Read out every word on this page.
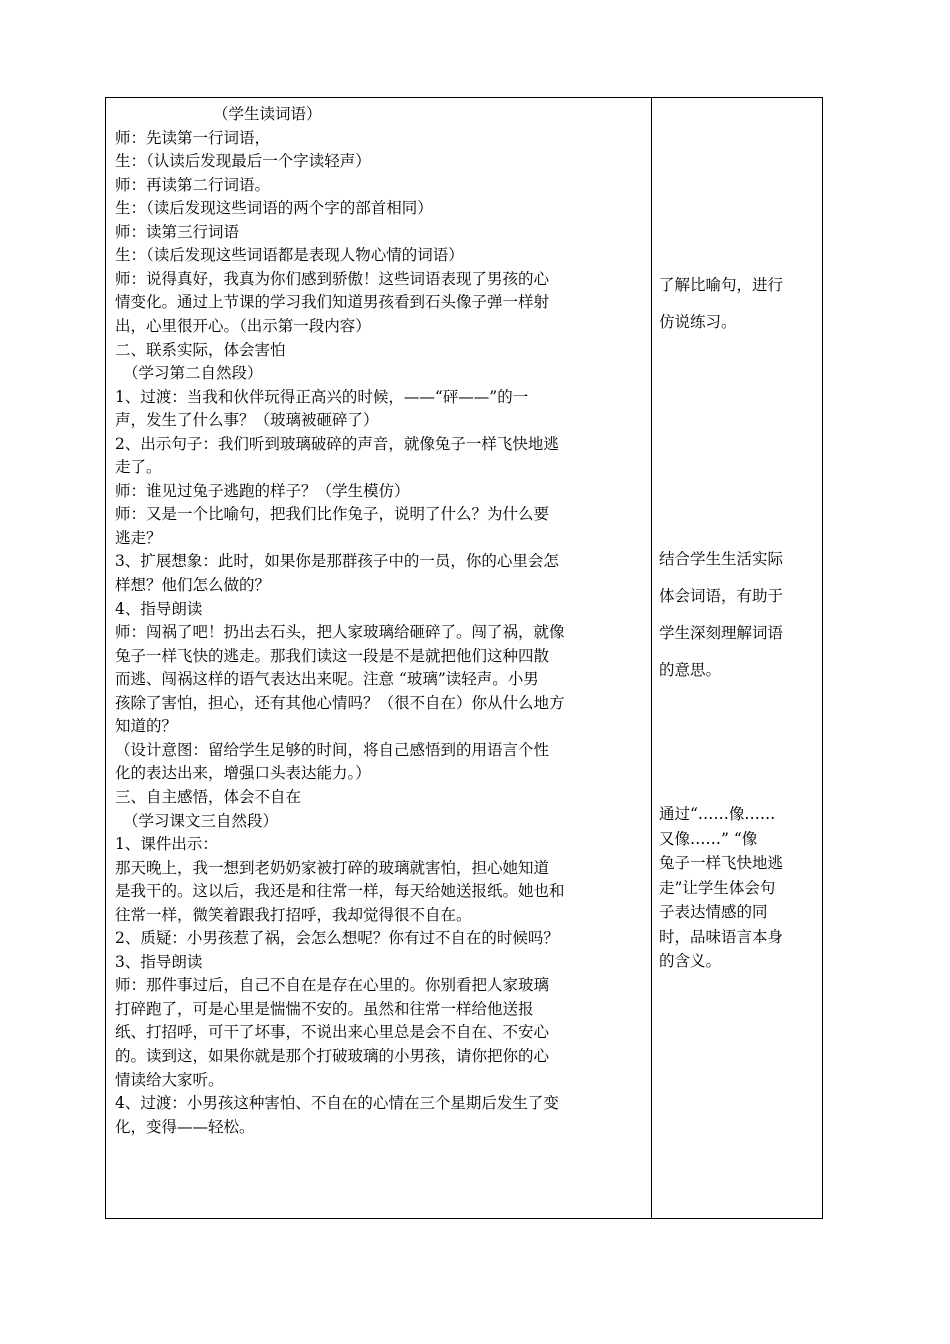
（学生读词语）
师：先读第一行词语，
生：（认读后发现最后一个字读轻声）
师：再读第二行词语。
生：（读后发现这些词语的两个字的部首相同）
师：读第三行词语
生：（读后发现这些词语都是表现人物心情的词语）
师：说得真好，我真为你们感到骄傲！这些词语表现了男孩的心
情变化。通过上节课的学习我们知道男孩看到石头像子弹一样射
出，心里很开心。（出示第一段内容）
二、联系实际，体会害怕
（学习第二自然段）
1、过渡：当我和伙伴玩得正高兴的时候，——“砰——”的一
声，发生了什么事？（玻璃被砸碎了）
2、出示句子：我们听到玻璃破碎的声音，就像兔子一样飞快地逃
走了。
师：谁见过兔子逃跑的样子？（学生模仿）
师：又是一个比喻句，把我们比作兔子，说明了什么？为什么要
逃走？
3、扩展想象：此时，如果你是那群孩子中的一员，你的心里会怎
样想？他们怎么做的？
4、指导朗读
师：闯祸了吧！扔出去石头，把人家玻璃给砸碎了。闯了祸，就像
兔子一样飞快的逃走。那我们读这一段是不是就把他们这种四散
而逃、闯祸这样的语气表达出来呢。注意 “玻璃”读轻声。小男
孩除了害怕，担心，还有其他心情吗？（很不自在）你从什么地方
知道的？
（设计意图：留给学生足够的时间，将自己感悟到的用语言个性
化的表达出来，增强口头表达能力。）
三、自主感悟，体会不自在
（学习课文三自然段）
1、课件出示：
那天晚上，我一想到老奶奶家被打碎的玻璃就害怕，担心她知道
是我干的。这以后，我还是和往常一样，每天给她送报纸。她也和
往常一样，微笑着跟我打招呼，我却觉得很不自在。
2、质疑：小男孩惹了祸，会怎么想呢？你有过不自在的时候吗？
3、指导朗读
师：那件事过后，自己不自在是存在心里的。你别看把人家玻璃
打碎跑了，可是心里是惴惴不安的。虽然和往常一样给他送报
纸、打招呼，可干了坏事，不说出来心里总是会不自在、不安心
的。读到这，如果你就是那个打破玻璃的小男孩，请你把你的心
情读给大家听。
4、过渡：小男孩这种害怕、不自在的心情在三个星期后发生了变
化，变得——轻松。
了解比喻句，进行
仿说练习。
结合学生生活实际
体会词语，有助于
学生深刻理解词语
的意思。
通过“……像……
又像……” “像
兔子一样飞快地逃
走”让学生体会句
子表达情感的同
时，品味语言本身
的含义。
